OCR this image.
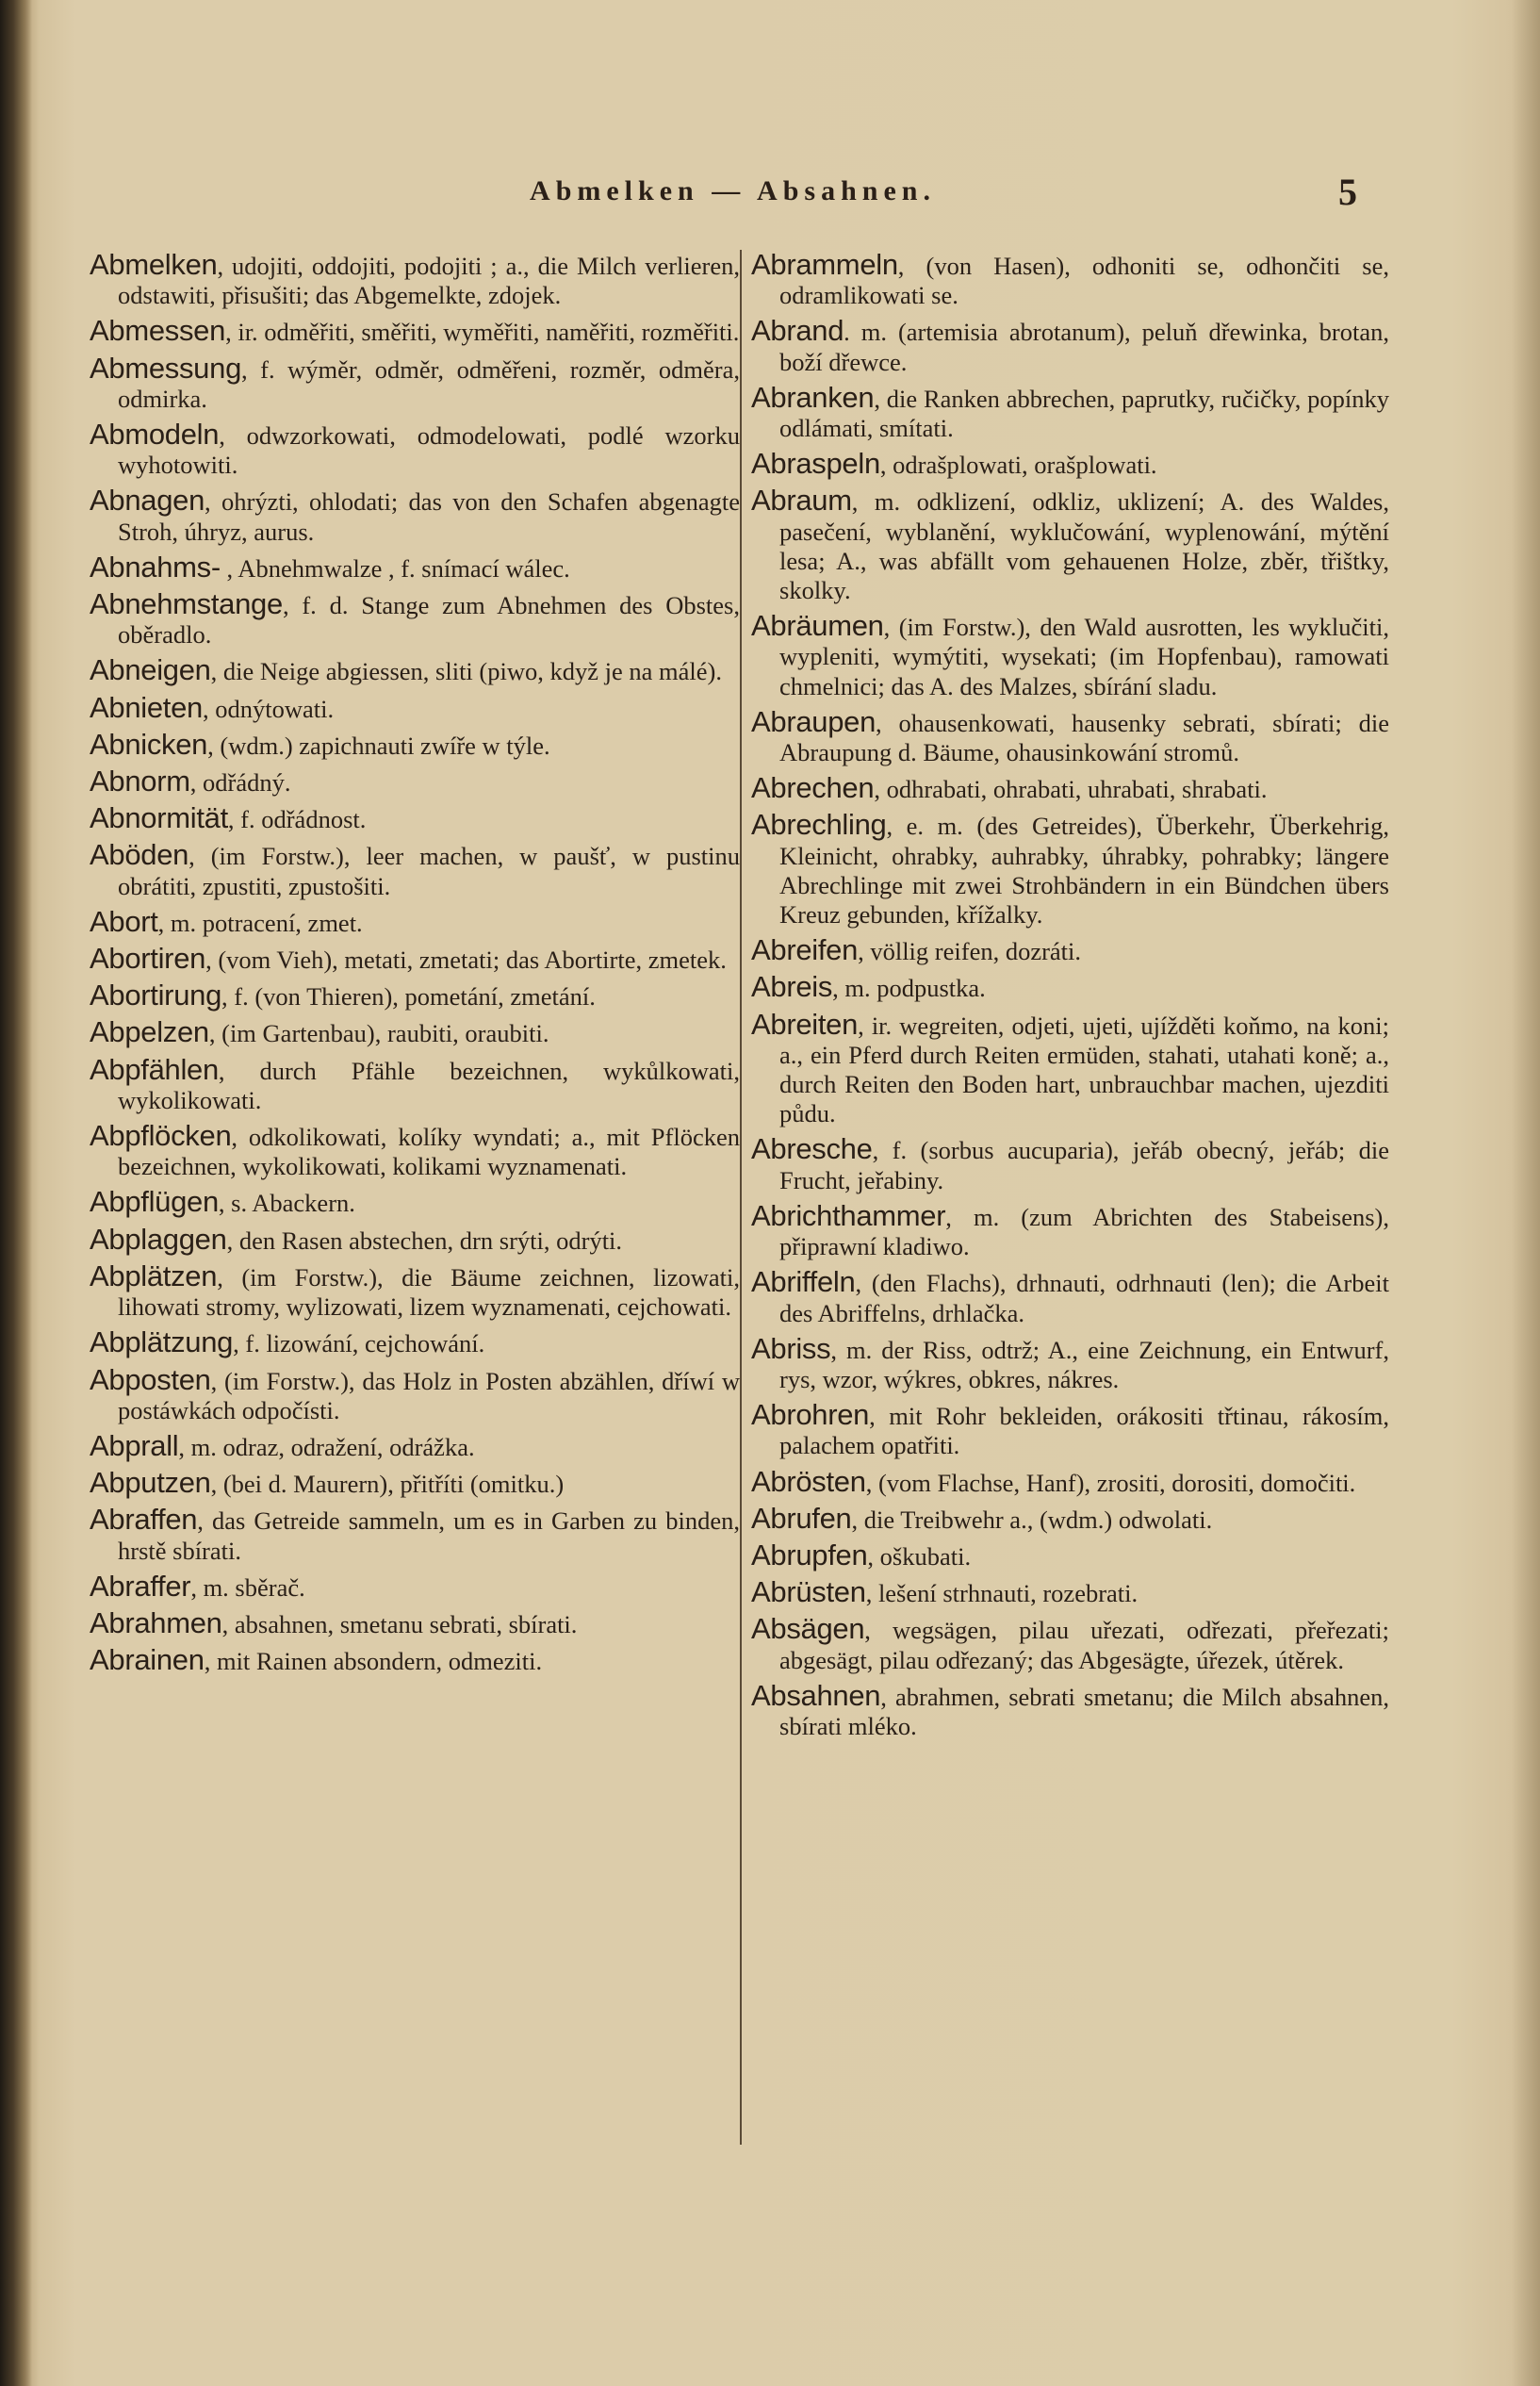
Abmelken — Absahnen.	5

Abmelken, udojiti, oddojiti, podojiti ; a., die Milch verlieren, odstawiti, přisušiti; das Abgemelkte, zdojek.

Abmessen, ir. odměřiti, směřiti, wyměřiti, naměřiti, rozměřiti.

Abmessung, f. wýměr, odměr, odměřeni, rozměr, odměra, odmirka.

Abmodeln, odwzorkowati, odmodelowati, podlé wzorku wyhotowiti.

Abnagen, ohrýzti, ohlodati; das von den Schafen abgenagte Stroh, úhryz, aurus.

Abnahms- , Abnehmwalze , f. snímací wálec.

Abnehmstange, f. d. Stange zum Abnehmen des Obstes, oběradlo.

Abneigen, die Neige abgiessen, sliti (piwo, když je na málé).

Abnieten, odnýtowati.

Abnicken, (wdm.) zapichnauti zwíře w týle.

Abnorm, odřádný.

Abnormität, f. odřádnost.

Aböden, (im Forstw.), leer machen, w paušť, w pustinu obrátiti, zpustiti, zpustošiti.

Abort, m. potracení, zmet.

Abortiren, (vom Vieh), metati, zmetati; das Abortirte, zmetek.

Abortirung, f. (von Thieren), pometání, zmetání.

Abpelzen, (im Gartenbau), raubiti, oraubiti.

Abpfählen, durch Pfähle bezeichnen, wykůlkowati, wykolikowati.

Abpflöcken, odkolikowati, kolíky wyndati; a., mit Pflöcken bezeichnen, wykolikowati, kolikami wyznamenati.

Abpflügen, s. Abackern.

Abplaggen, den Rasen abstechen, drn srýti, odrýti.

Abplätzen, (im Forstw.), die Bäume zeichnen, lizowati, lihowati stromy, wylizowati, lizem wyznamenati, cejchowati.

Abplätzung, f. lizowání, cejchowání.

Abposten, (im Forstw.), das Holz in Posten abzählen, dříwí w postáwkách odpočísti.

Abprall, m. odraz, odražení, odrážka.

Abputzen, (bei d. Maurern), přitříti (omitku.)

Abraffen, das Getreide sammeln, um es in Garben zu binden, hrstě sbírati.

Abraffer, m. sběrač.

Abrahmen, absahnen, smetanu sebrati, sbírati.

Abrainen, mit Rainen absondern, odmeziti.

Abrammeln, (von Hasen), odhoniti se, odhončiti se, odramlikowati se.

Abrand. m. (artemisia abrotanum), peluň dřewinka, brotan, boží dřewce.

Abranken, die Ranken abbrechen, paprutky, ručičky, popínky odlámati, smítati.

Abraspeln, odrašplowati, orašplowati.

Abraum, m. odklizení, odkliz, uklizení; A. des Waldes, pasečení, wyblanění, wyklučowání, wyplenowání, mýtění lesa; A., was abfällt vom gehauenen Holze, zběr, třištky, skolky.

Abräumen, (im Forstw.), den Wald ausrotten, les wyklučiti, wypleniti, wymýtiti, wysekati; (im Hopfenbau), ramowati chmelnici; das A. des Malzes, sbírání sladu.

Abraupen, ohausenkowati, hausenky sebrati, sbírati; die Abraupung d. Bäume, ohausinkowání stromů.

Abrechen, odhrabati, ohrabati, uhrabati, shrabati.

Abrechling, e. m. (des Getreides), Überkehr, Überkehrig, Kleinicht, ohrabky, auhrabky, úhrabky, pohrabky; längere Abrechlinge mit zwei Strohbändern in ein Bündchen übers Kreuz gebunden, křížalky.

Abreifen, völlig reifen, dozráti.

Abreis, m. podpustka.

Abreiten, ir. wegreiten, odjeti, ujeti, ujížděti koňmo, na koni; a., ein Pferd durch Reiten ermüden, stahati, utahati koně; a., durch Reiten den Boden hart, unbrauchbar machen, ujezditi půdu.

Abresche, f. (sorbus aucuparia), jeřáb obecný, jeřáb; die Frucht, jeřabiny.

Abrichthammer, m. (zum Abrichten des Stabeisens), připrawní kladiwo.

Abriffeln, (den Flachs), drhnauti, odrhnauti (len); die Arbeit des Abriffelns, drhlačka.

Abriss, m. der Riss, odtrž; A., eine Zeichnung, ein Entwurf, rys, wzor, wýkres, obkres, nákres.

Abrohren, mit Rohr bekleiden, orákositi třtinau, rákosím, palachem opatřiti.

Abrösten, (vom Flachse, Hanf), zrositi, dorositi, domočiti.

Abrufen, die Treibwehr a., (wdm.) odwolati.

Abrupfen, oškubati.

Abrüsten, lešení strhnauti, rozebrati.

Absägen, wegsägen, pilau uřezati, odřezati, přeřezati; abgesägt, pilau odřezaný; das Abgesägte, úřezek, útěrek.

Absahnen, abrahmen, sebrati smetanu; die Milch absahnen, sbírati mléko.
